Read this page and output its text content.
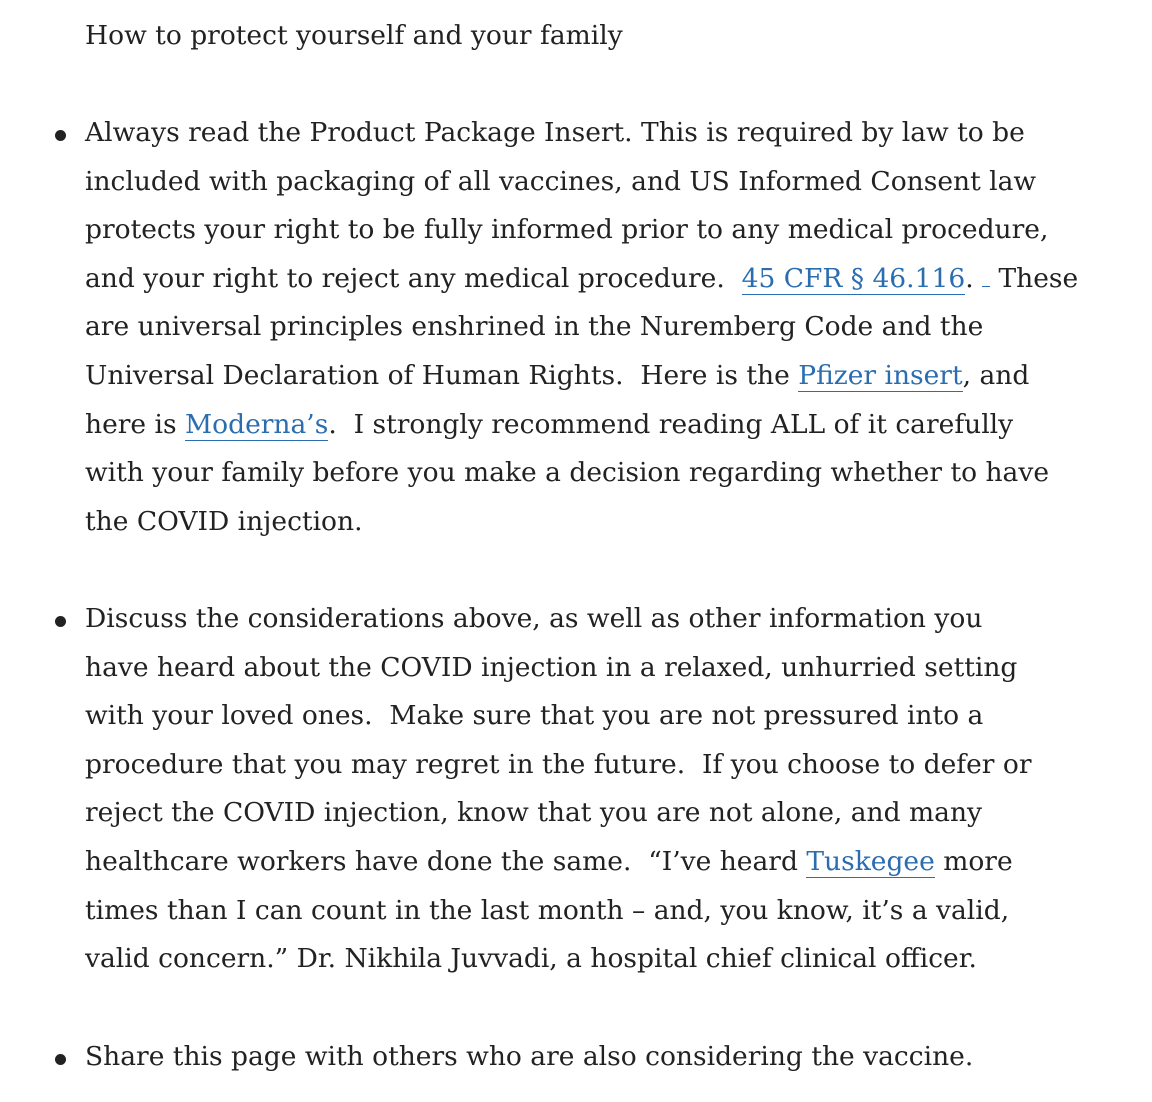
How to protect yourself and your family
Always read the Product Package Insert. This is required by law to be
included with packaging of all vaccines, and US Informed Consent law
protects your right to be fully informed prior to any medical procedure,
and your right to reject any medical procedure.  45 CFR § 46.116. These
are universal principles enshrined in the Nuremberg Code and the
Universal Declaration of Human Rights.  Here is the Pfizer insert, and
here is Moderna’s.  I strongly recommend reading ALL of it carefully
with your family before you make a decision regarding whether to have
the COVID injection.
Discuss the considerations above, as well as other information you
have heard about the COVID injection in a relaxed, unhurried setting
with your loved ones.  Make sure that you are not pressured into a
procedure that you may regret in the future.  If you choose to defer or
reject the COVID injection, know that you are not alone, and many
healthcare workers have done the same.  “I’ve heard Tuskegee more
times than I can count in the last month – and, you know, it’s a valid,
valid concern.” Dr. Nikhila Juvvadi, a hospital chief clinical officer.
Share this page with others who are also considering the vaccine.
